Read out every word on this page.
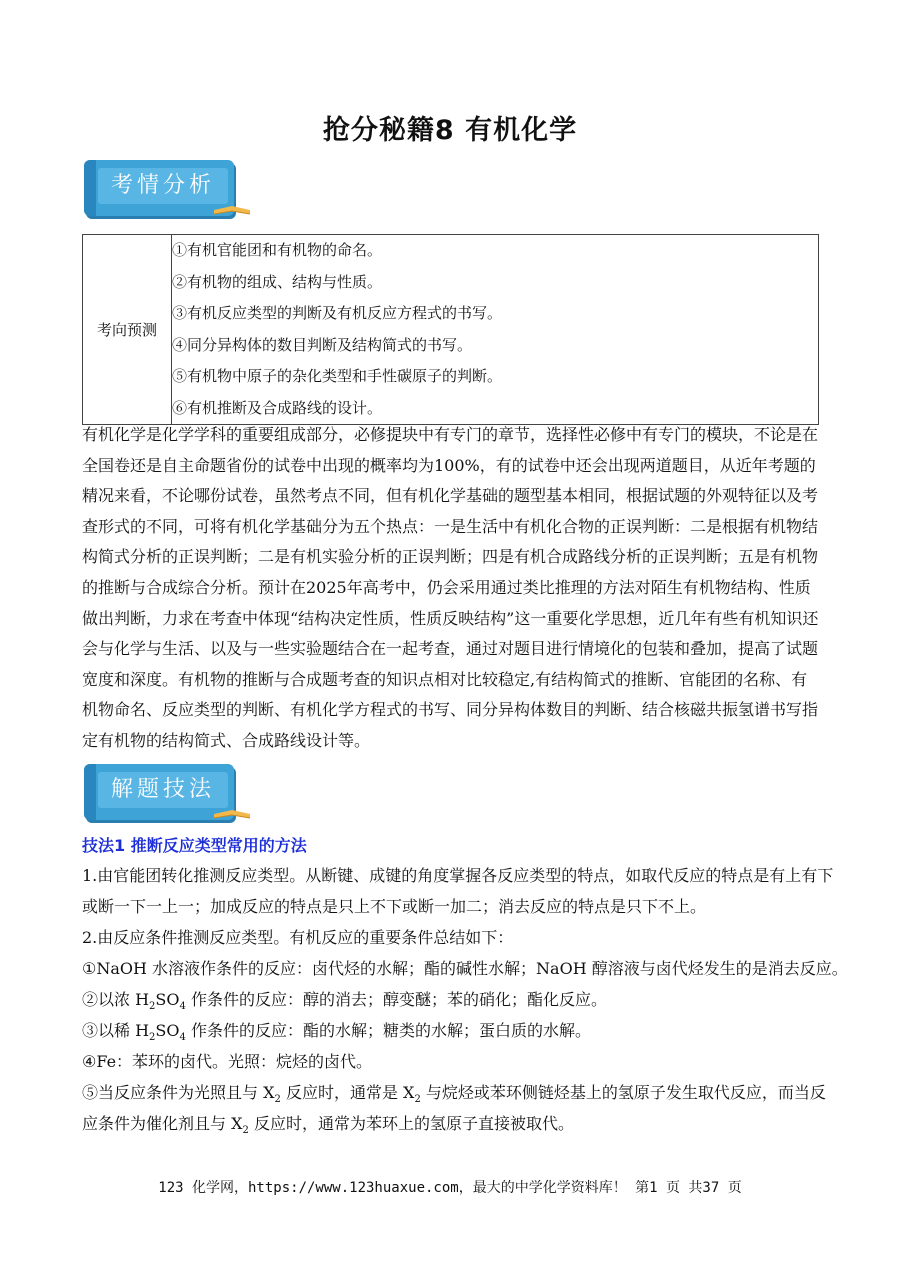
抢分秘籍8 有机化学
考情分析
考向预测	
①有机官能团和有机物的命名。
②有机物的组成、结构与性质。
③有机反应类型的判断及有机反应方程式的书写。
④同分异构体的数目判断及结构简式的书写。
⑤有机物中原子的杂化类型和手性碳原子的判断。
⑥有机推断及合成路线的设计。

有机化学是化学学科的重要组成部分，必修提块中有专门的章节，选择性必修中有专门的模块，不论是在全国卷还是自主命题省份的试卷中出现的概率均为100%，有的试卷中还会出现两道题目，从近年考题的精况来看，不论哪份试卷，虽然考点不同，但有机化学基础的题型基本相同，根据试题的外观特征以及考查形式的不同，可将有机化学基础分为五个热点：一是生活中有机化合物的正误判断：二是根据有机物结构简式分析的正误判断；二是有机实验分析的正误判断；四是有机合成路线分析的正误判断；五是有机物的推断与合成综合分析。预计在2025年高考中，仍会采用通过类比推理的方法对陌生有机物结构、性质做出判断，力求在考查中体现“结构决定性质，性质反映结构”这一重要化学思想，近几年有些有机知识还会与化学与生活、以及与一些实验题结合在一起考查，通过对题目进行情境化的包装和叠加，提高了试题宽度和深度。有机物的推断与合成题考查的知识点相对比较稳定,有结构简式的推断、官能团的名称、有机物命名、反应类型的判断、有机化学方程式的书写、同分异构体数目的判断、结合核磁共振氢谱书写指定有机物的结构简式、合成路线设计等。

解题技法
技法1 推断反应类型常用的方法
1.由官能团转化推测反应类型。从断键、成键的角度掌握各反应类型的特点，如取代反应的特点是有上有下
或断一下一上一；加成反应的特点是只上不下或断一加二；消去反应的特点是只下不上。
2.由反应条件推测反应类型。有机反应的重要条件总结如下：
①NaOH 水溶液作条件的反应：卤代烃的水解；酯的碱性水解；NaOH 醇溶液与卤代烃发生的是消去反应。
②以浓 $H_2SO_4$ 作条件的反应：醇的消去；醇变醚；苯的硝化；酯化反应。
③以稀 $H_2SO_4$ 作条件的反应：酯的水解；糖类的水解；蛋白质的水解。
④Fe：苯环的卤代。光照：烷烃的卤代。
⑤当反应条件为光照且与 $X_2$ 反应时，通常是 $X_2$ 与烷烃或苯环侧链烃基上的氢原子发生取代反应，而当反
应条件为催化剂且与 $X_2$ 反应时，通常为苯环上的氢原子直接被取代。
123 化学网，https://www.123huaxue.com，最大的中学化学资料库！ 第1 页 共37 页
